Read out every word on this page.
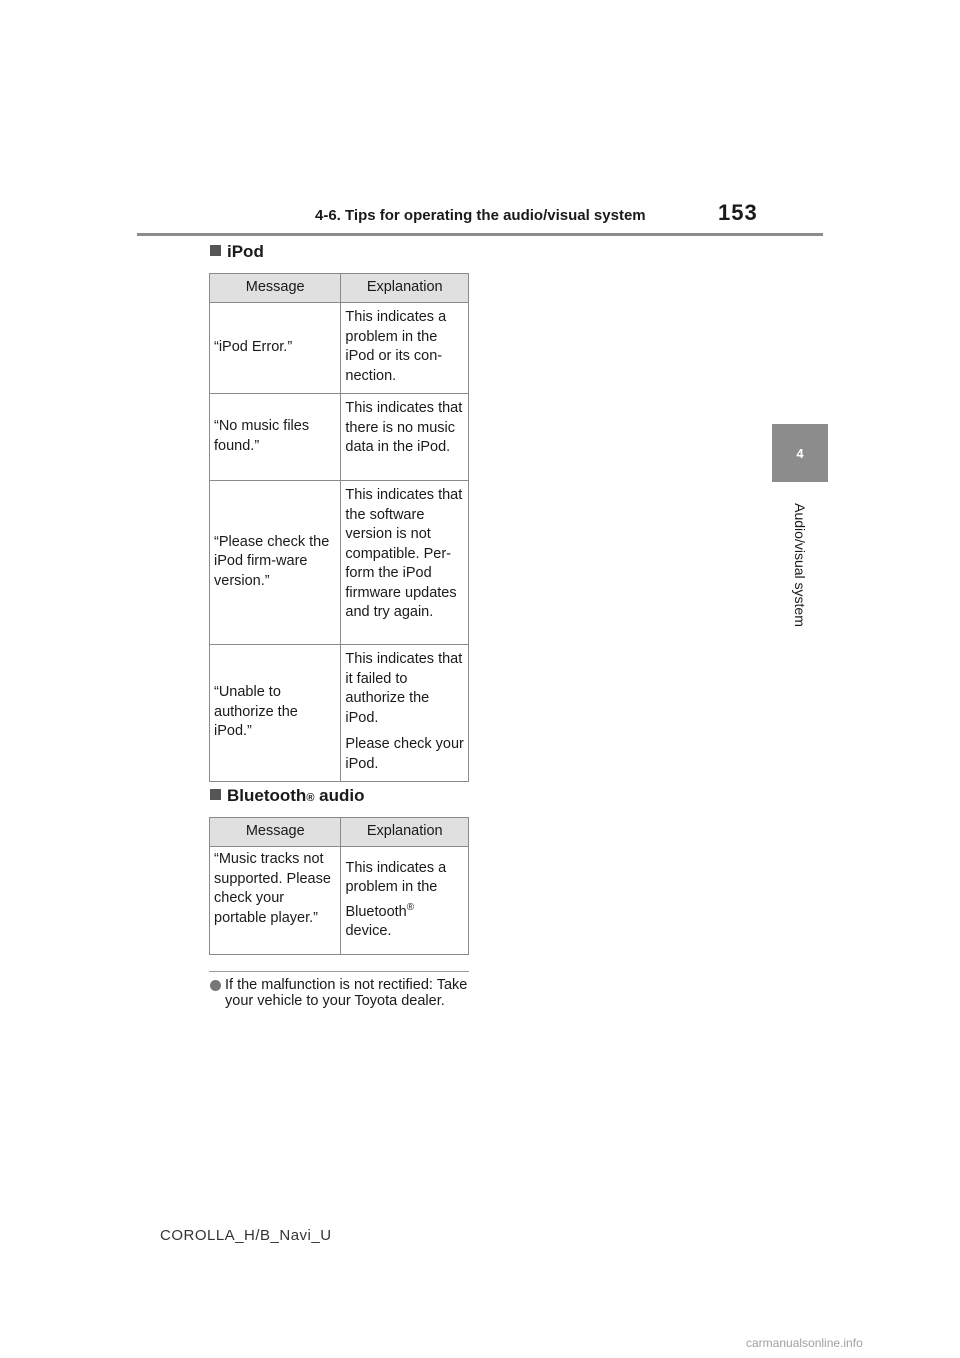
4-6. Tips for operating the audio/visual system	153
4
Audio/visual system
iPod
Message	Explanation
“iPod Error.”	This indicates a problem in the iPod or its con-nection.

“No music files found.”	This indicates that there is no music data in the iPod.

“Please check the iPod firm-ware version.”	This indicates that the software version is not compatible. Per-form the iPod firmware updates and try again.

“Unable to authorize the iPod.”	This indicates that it failed to authorize the iPod.
Please check your iPod.
Bluetooth ® audio
Message	Explanation
“Music tracks not supported. Please check your portable player.”	This indicates a problem in the Bluetooth® device.
If the malfunction is not rectified: Take your vehicle to your Toyota dealer.
COROLLA_H/B_Navi_U
carmanualsonline.info
